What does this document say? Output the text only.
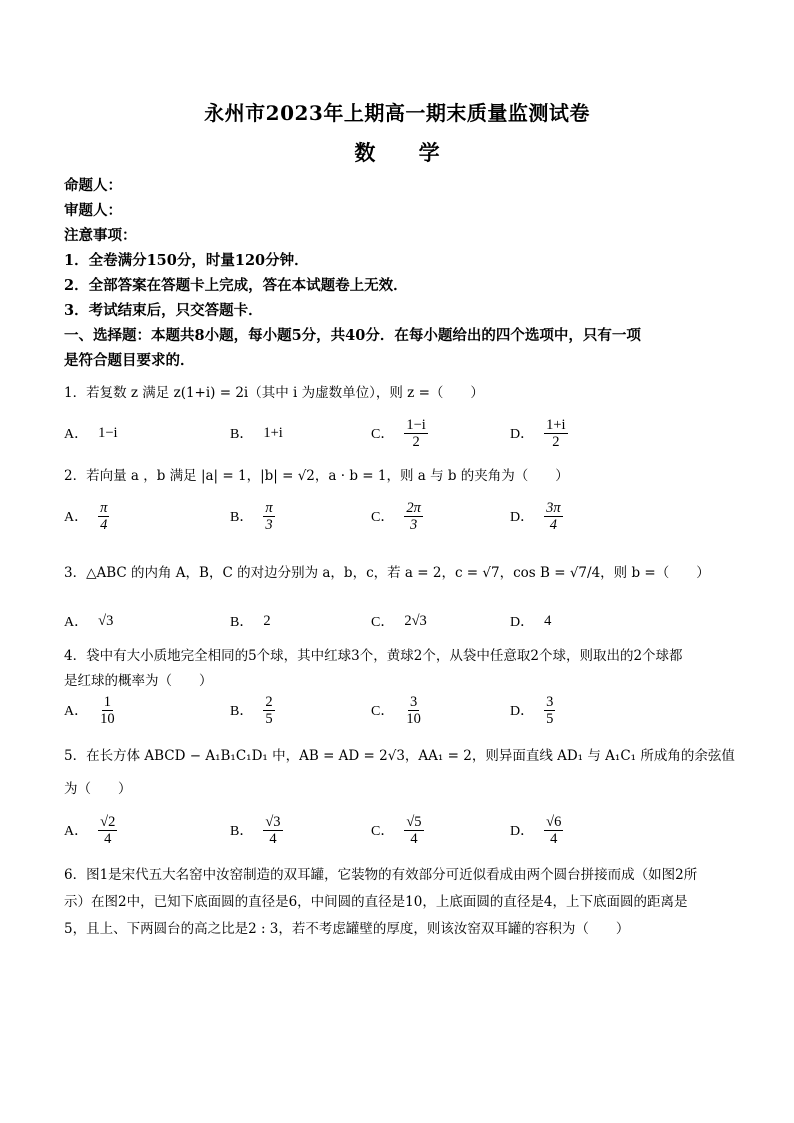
永州市2023年上期高一期末质量监测试卷
数 学
命题人：
审题人：
注意事项：
1．全卷满分150分，时量120分钟．
2．全部答案在答题卡上完成，答在本试题卷上无效．
3．考试结束后，只交答题卡．
一、选择题：本题共8小题，每小题5分，共40分．在每小题给出的四个选项中，只有一项
是符合题目要求的．
1．若复数 z 满足 z(1+i) = 2i（其中 i 为虚数单位），则 z =（　　）
A． 1−i	B． 1+i	C． $\frac{1-i}{2}$	D． $\frac{1+i}{2}$
2．若向量 a ，b 满足 |a| = 1，|b| = √2，a · b = 1，则 a 与 b 的夹角为（　　）
A． $\frac{\pi}{4}$	B． $\frac{\pi}{3}$	C． $\frac{2\pi}{3}$	D． $\frac{3\pi}{4}$
3．△ABC 的内角 A，B，C 的对边分别为 a，b，c，若 a = 2，c = √7，cos B = √7/4，则 b =（　　）
A． √3	B． 2	C． 2√3	D． 4
4．袋中有大小质地完全相同的5个球，其中红球3个，黄球2个，从袋中任意取2个球，则取出的2个球都
是红球的概率为（　　）
A． $\frac{1}{10}$	B． $\frac{2}{5}$	C． $\frac{3}{10}$	D． $\frac{3}{5}$
5．在长方体 ABCD − A₁B₁C₁D₁ 中，AB = AD = 2√3，AA₁ = 2，则异面直线 AD₁ 与 A₁C₁ 所成角的余弦值
为（　　）
A． $\frac{√2}{4}$	B． $\frac{√3}{4}$	C． $\frac{√5}{4}$	D． $\frac{√6}{4}$
6．图1是宋代五大名窑中汝窑制造的双耳罐，它装物的有效部分可近似看成由两个圆台拼接而成（如图2所
示）在图2中，已知下底面圆的直径是6，中间圆的直径是10，上底面圆的直径是4，上下底面圆的距离是
5，且上、下两圆台的高之比是2 : 3，若不考虑罐壁的厚度，则该汝窑双耳罐的容积为（　　）
